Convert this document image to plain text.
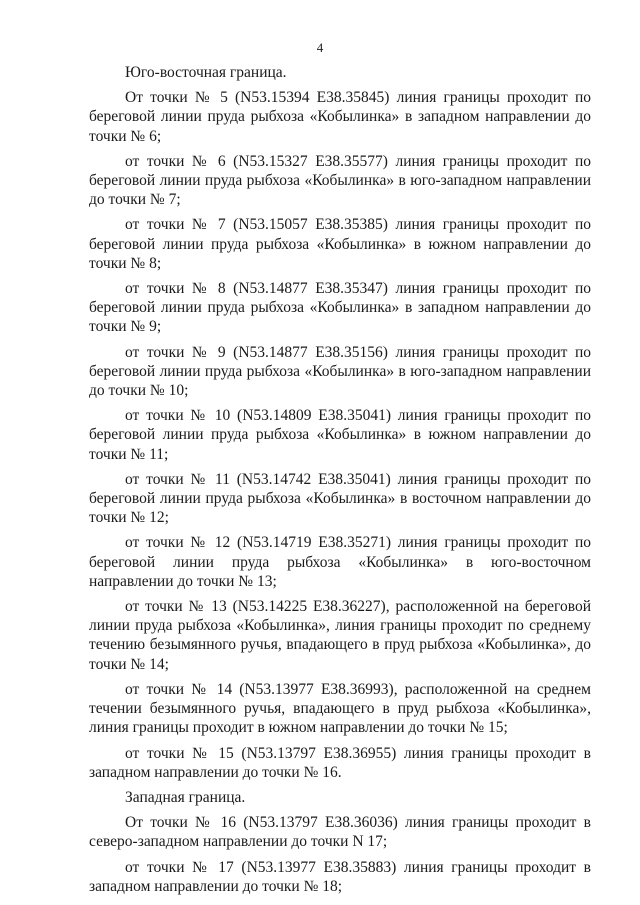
4

Юго-восточная граница.

От точки № 5 (N53.15394 E38.35845) линия границы проходит по береговой линии пруда рыбхоза «Кобылинка» в западном направлении до точки № 6;

от точки № 6 (N53.15327 E38.35577) линия границы проходит по береговой линии пруда рыбхоза «Кобылинка» в юго-западном направлении до точки № 7;

от точки № 7 (N53.15057 E38.35385) линия границы проходит по береговой линии пруда рыбхоза «Кобылинка» в южном направлении до точки № 8;

от точки № 8 (N53.14877 E38.35347) линия границы проходит по береговой линии пруда рыбхоза «Кобылинка» в западном направлении до точки № 9;

от точки № 9 (N53.14877 E38.35156) линия границы проходит по береговой линии пруда рыбхоза «Кобылинка» в юго-западном направлении до точки № 10;

от точки № 10 (N53.14809 E38.35041) линия границы проходит по береговой линии пруда рыбхоза «Кобылинка» в южном направлении до точки № 11;

от точки № 11 (N53.14742 E38.35041) линия границы проходит по береговой линии пруда рыбхоза «Кобылинка» в восточном направлении до точки № 12;

от точки № 12 (N53.14719 E38.35271) линия границы проходит по береговой линии пруда рыбхоза «Кобылинка» в юго-восточном направлении до точки № 13;

от точки № 13 (N53.14225 E38.36227), расположенной на береговой линии пруда рыбхоза «Кобылинка», линия границы проходит по среднему течению безымянного ручья, впадающего в пруд рыбхоза «Кобылинка», до точки № 14;

от точки № 14 (N53.13977 E38.36993), расположенной на среднем течении безымянного ручья, впадающего в пруд рыбхоза «Кобылинка», линия границы проходит в южном направлении до точки № 15;

от точки № 15 (N53.13797 E38.36955) линия границы проходит в западном направлении до точки № 16.

Западная граница.

От точки № 16 (N53.13797 E38.36036) линия границы проходит в северо-западном направлении до точки N 17;

от точки № 17 (N53.13977 E38.35883) линия границы проходит в западном направлении до точки № 18;
